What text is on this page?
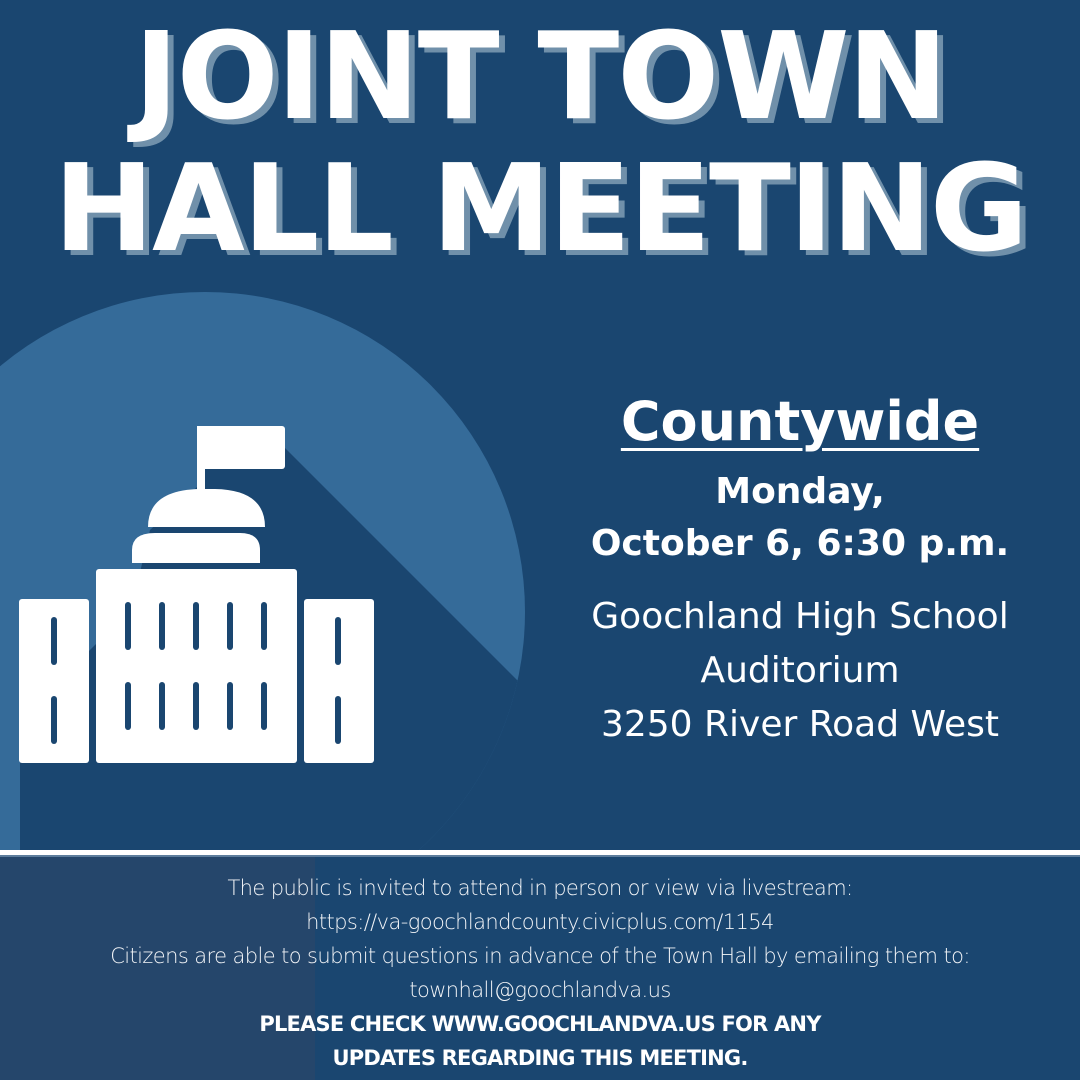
JOINT TOWN
HALL MEETING
Countywide
Monday,
October 6, 6:30 p.m.
Goochland High School
Auditorium
3250 River Road West
The public is invited to attend in person or view via livestream:
https://va-goochlandcounty.civicplus.com/1154
Citizens are able to submit questions in advance of the Town Hall by emailing them to:
townhall@goochlandva.us
PLEASE CHECK WWW.GOOCHLANDVA.US FOR ANY
UPDATES REGARDING THIS MEETING.
